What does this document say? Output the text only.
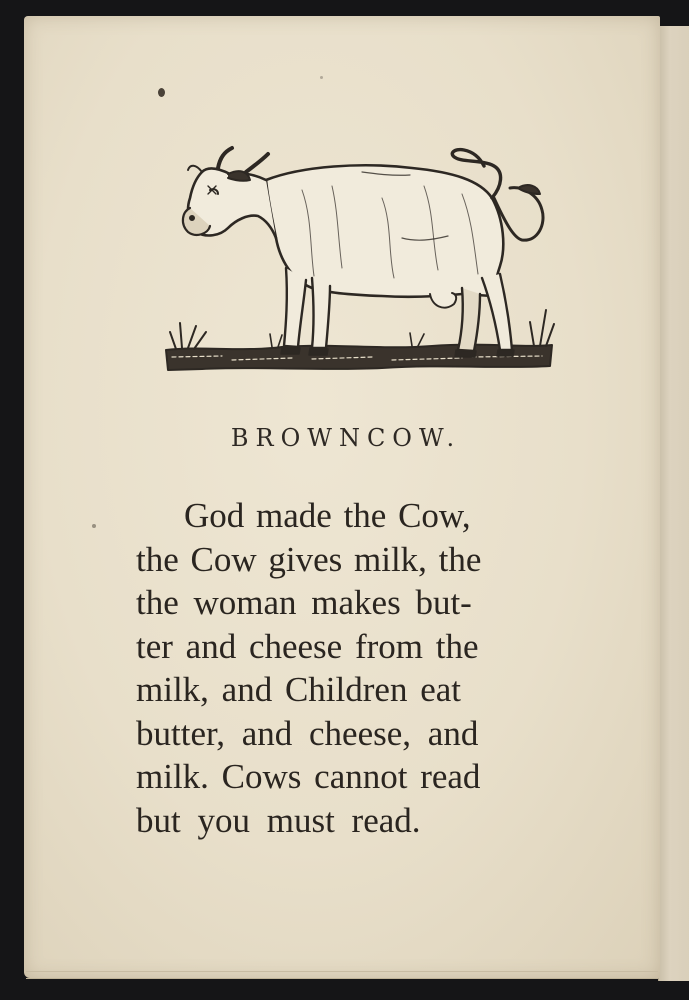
BROWNCOW.

God made the Cow,
the Cow gives milk, the
the woman makes but-
ter and cheese from the
milk, and Children eat
butter, and cheese, and
milk. Cows cannot read
but you must read.
